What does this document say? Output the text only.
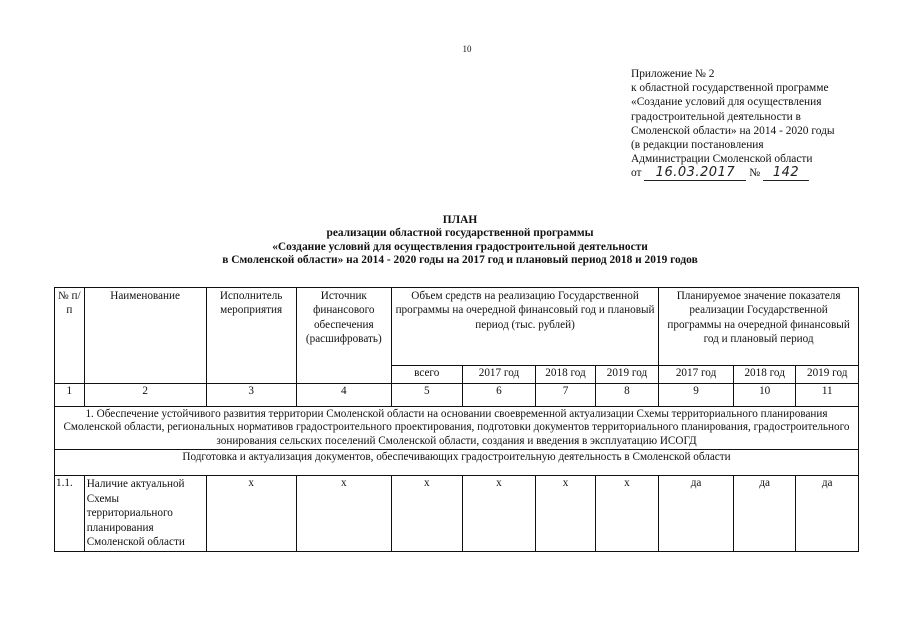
10
Приложение № 2
к областной государственной программе
«Создание условий для осуществления
градостроительной деятельности в
Смоленской области» на 2014 - 2020 годы
(в редакции постановления
Администрации Смоленской области
от 16.03.2017 № 142
ПЛАН
реализации областной государственной программы
«Создание условий для осуществления градостроительной деятельности
в Смоленской области» на 2014 - 2020 годы на 2017 год и плановый период 2018 и 2019 годов
№ п/п	Наименование	Исполнитель мероприятия	Источник финансового обеспечения (расшифровать)	Объем средств на реализацию Государственной программы на очередной финансовый год и плановый период (тыс. рублей)				Планируемое значение показателя реализации Государственной программы на очередной финансовый год и плановый период		
				всего	2017 год	2018 год	2019 год	2017 год	2018 год	2019 год
1	2	3	4	5	6	7	8	9	10	11
1. Обеспечение устойчивого развития территории Смоленской области на основании своевременной актуализации Схемы территориального планирования Смоленской области, региональных нормативов градостроительного проектирования, подготовки документов территориального планирования, градостроительного зонирования сельских поселений Смоленской области, создания и введения в эксплуатацию ИСОГД										
Подготовка и актуализация документов, обеспечивающих градостроительную деятельность в Смоленской области										
1.1.	Наличие актуальной Схемы территориального планирования Смоленской области	х	х	х	х	х	х	да	да	да
